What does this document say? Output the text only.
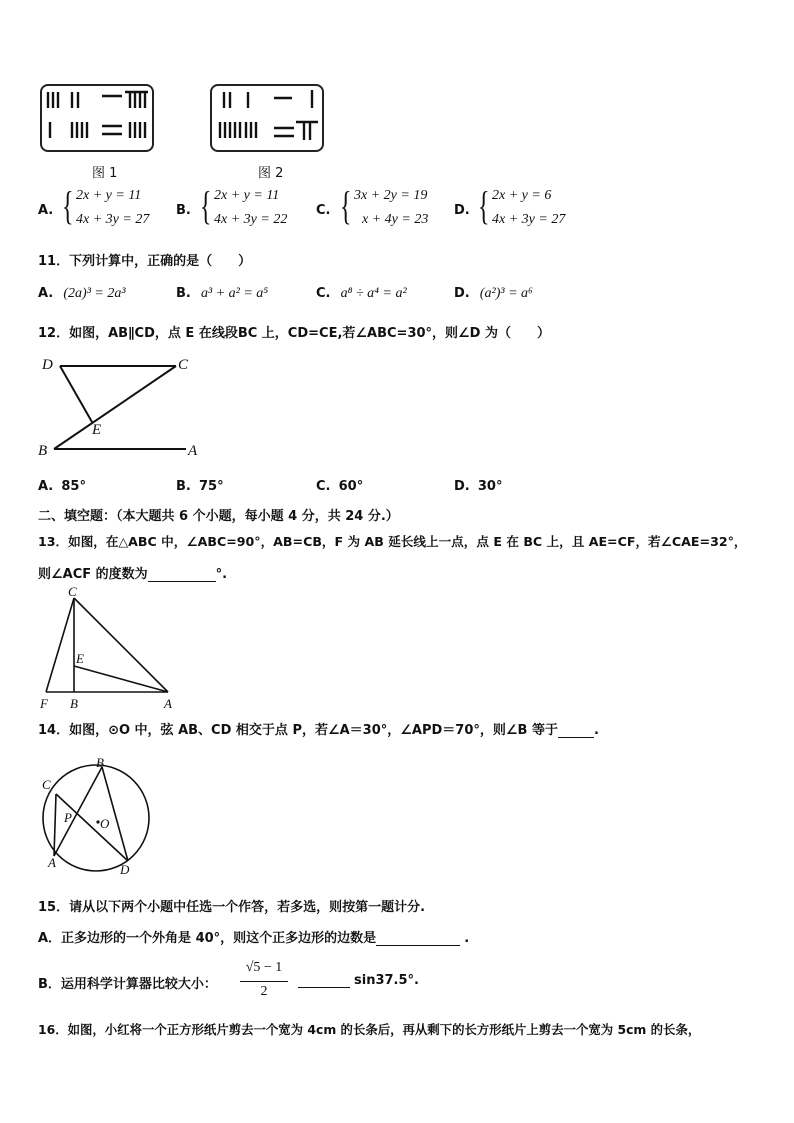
图 1	图 2
A. { 2x + y = 11
4x + 3y = 27
B. { 2x + y = 11
4x + 3y = 22
C. { 3x + 2y = 19
x + 4y = 23
D. { 2x + y = 6
4x + 3y = 27
11．下列计算中，正确的是（　　）
A. (2a)³ = 2a³	B. a³ + a² = a⁵	C. a⁸ ÷ a⁴ = a²	D. (a²)³ = a⁶
12．如图，AB∥CD，点 E 在线段BC 上，CD=CE,若∠ABC=30°，则∠D 为（　　）
D	C
E
B	A
A. 85°	B. 75°	C. 60°	D. 30°
二、填空题：（本大题共 6 个小题，每小题 4 分，共 24 分.）
13．如图，在△ABC 中，∠ABC=90°，AB=CB，F 为 AB 延长线上一点，点 E 在 BC 上，且 AE=CF，若∠CAE=32°，
则∠ACF 的度数为	°.
C
E
F B	A
14．如图，⊙O 中，弦 AB、CD 相交于点 P，若∠A＝30°，∠APD＝70°，则∠B 等于	.
B
C
P O
A	D
15．请从以下两个小题中任选一个作答，若多选，则按第一题计分.
A．正多边形的一个外角是 40°，则这个正多边形的边数是	.
B．运用科学计算器比较大小：
√5 − 1
2
sin37.5°.
16．如图，小红将一个正方形纸片剪去一个宽为 4cm 的长条后，再从剩下的长方形纸片上剪去一个宽为 5cm 的长条，
